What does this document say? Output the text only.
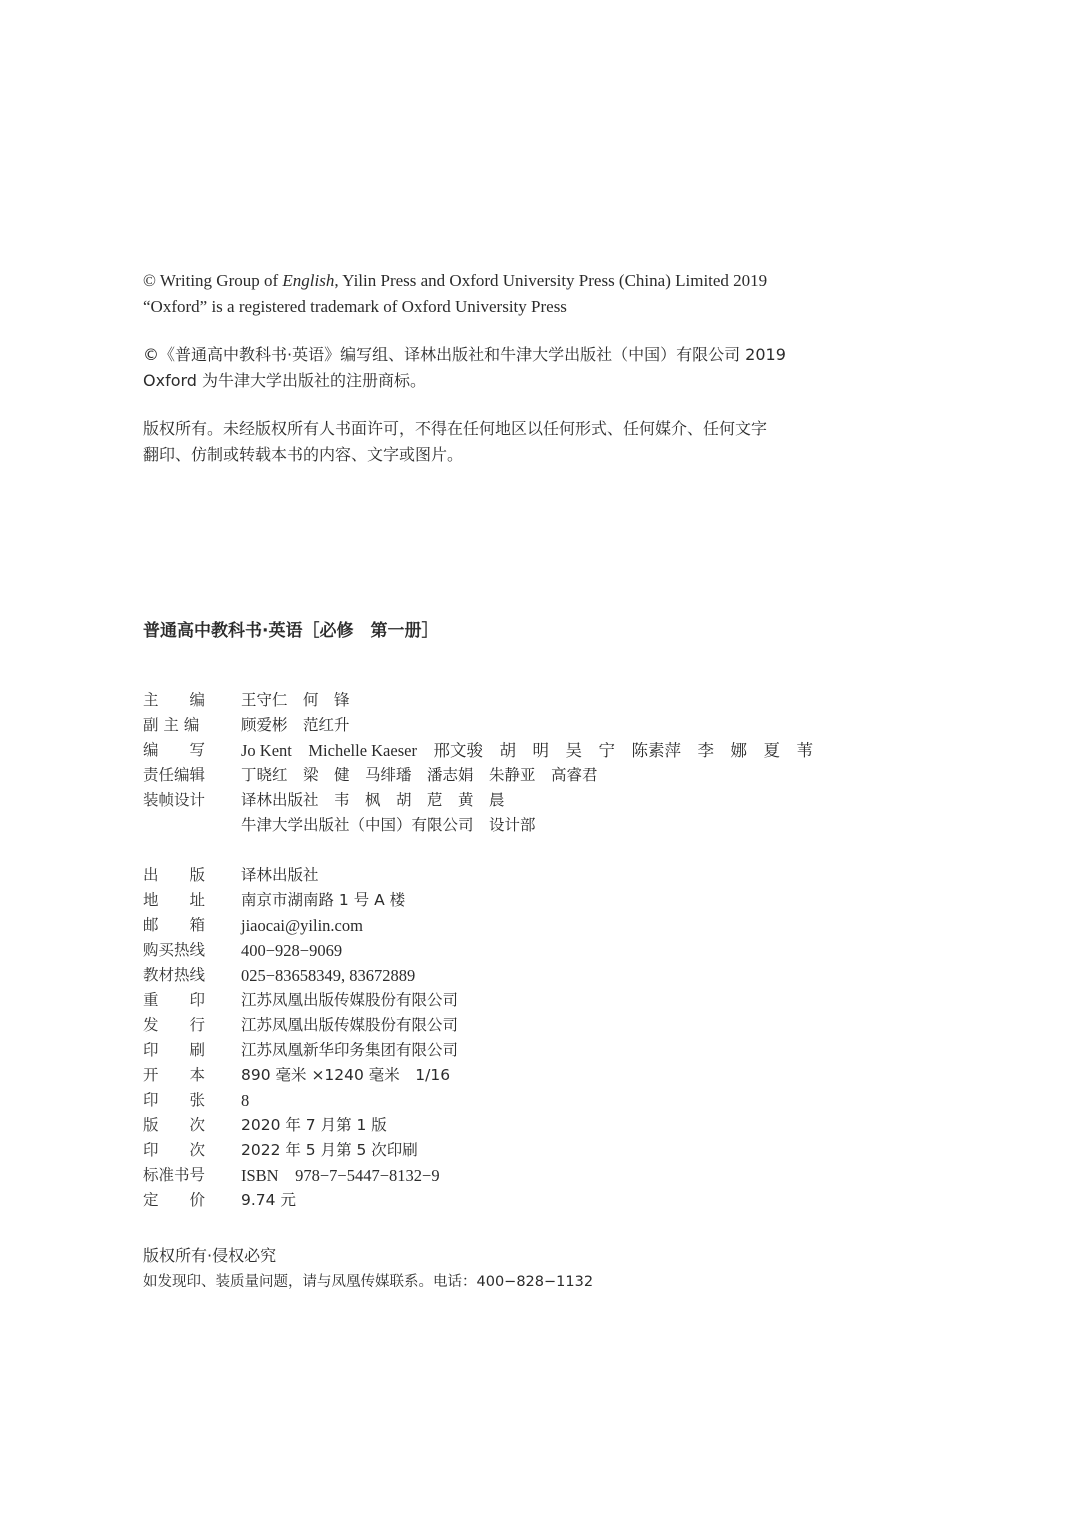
© Writing Group of English, Yilin Press and Oxford University Press (China) Limited 2019
“Oxford” is a registered trademark of Oxford University Press
©《普通高中教科书·英语》编写组、译林出版社和牛津大学出版社（中国）有限公司 2019
Oxford 为牛津大学出版社的注册商标。
版权所有。未经版权所有人书面许可，不得在任何地区以任何形式、任何媒介、任何文字
翻印、仿制或转载本书的内容、文字或图片。
普通高中教科书·英语［必修　第一册］
主　　编	王守仁　何　锋
副 主 编	顾爱彬　范红升
编　　写	Jo Kent　Michelle Kaeser　邢文骏　胡　明　吴　宁　陈素萍　李　娜　夏　苇
责任编辑	丁晓红　梁　健　马绯璠　潘志娟　朱静亚　高睿君
装帧设计	译林出版社　韦　枫　胡　苨　黄　晨
牛津大学出版社（中国）有限公司　设计部
出　　版	译林出版社
地　　址	南京市湖南路 1 号 A 楼
邮　　箱	jiaocai@yilin.com
购买热线	400−928−9069
教材热线	025−83658349, 83672889
重　　印	江苏凤凰出版传媒股份有限公司
发　　行	江苏凤凰出版传媒股份有限公司
印　　刷	江苏凤凰新华印务集团有限公司
开　　本	890 毫米 ×1240 毫米　1/16
印　　张	8
版　　次	2020 年 7 月第 1 版
印　　次	2022 年 5 月第 5 次印刷
标准书号	ISBN　978−7−5447−8132−9
定　　价	9.74 元
版权所有·侵权必究
如发现印、装质量问题，请与凤凰传媒联系。电话：400−828−1132
